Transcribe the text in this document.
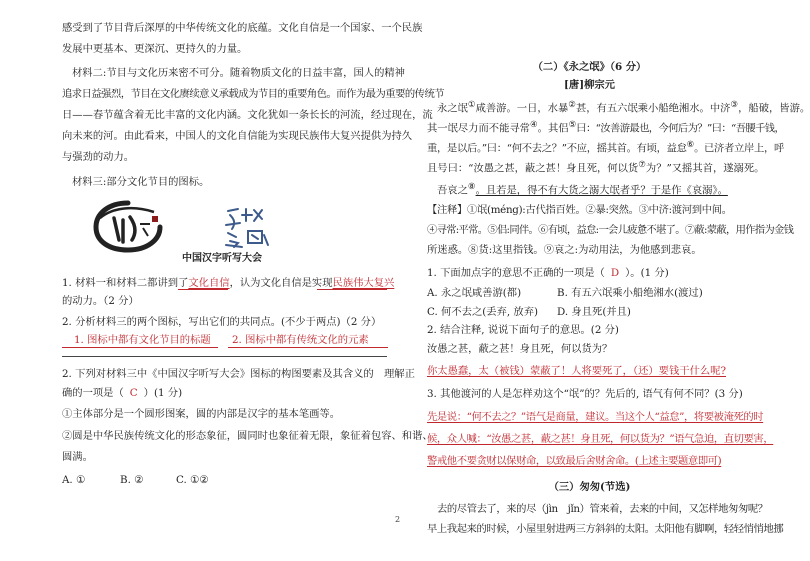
感受到了节目背后深厚的中华传统文化的底蕴。文化自信是一个国家、一个民族
发展中更基本、更深沉、更持久的力量。
材料二:节目与文化历来密不可分。随着物质文化的日益丰富，国人的精神
追求日益强烈，节目在文化赓续意义承载成为节目的重要角色。而作为最为重要的传统节
日——春节蕴含着无比丰富的文化内涵。文化犹如一条长长的河流，经过现在，流
向未来的河。由此看来，中国人的文化自信能为实现民族伟大复兴提供为持久
与强劲的动力。
材料三:部分文化节目的图标。
中国汉字听写大会
1. 材料一和材料二都讲到了文化自信，认为文化自信是实现民族伟大复兴
的动力。（2 分）
2. 分析材料三的两个图标，写出它们的共同点。(不少于两点)（2 分）
1. 图标中都有文化节目的标题 2. 图标中都有传统文化的元素
2. 下列对材料三中《中国汉字听写大会》图标的构图要素及其含义的　理解正
确的一项是（ C ）(1 分)
①主体部分是一个圆形图案，圆的内部是汉字的基本笔画等。
②圆是中华民族传统文化的形态象征，圆同时也象征着无限，象征着包容、和谐、
圆满。
A. ①	B. ②	C. ①②
（二）《永之氓》（6 分）
[唐]柳宗元
永之氓①咸善游。一日，水暴②甚，有五六氓乘小船绝湘水。中济③，船破，皆游。
其一氓尽力而不能寻常④。其侣⑤曰：“汝善游最也，今何后为？”曰：“吾腰千钱，
重，是以后。”曰：“何不去之？”不应，摇其首。有顷，益怠⑥。已济者立岸上，呼
且号曰：“汝愚之甚，蔽之甚！身且死，何以货⑦为？”又摇其首，遂溺死。
吾哀之⑧。且若是，得不有大货之溺大氓者乎？于是作《哀溺》。
【注释】①氓(méng):古代指百姓。②暴:突然。③中济:渡河到中间。
④寻常:平常。⑤侣:同伴。⑥有顷，益怠:一会儿疲惫不堪了。⑦蔽:蒙蔽，用作指为金钱
所迷惑。⑧货:这里指钱。⑨哀之:为动用法，为他感到悲哀。
1. 下面加点字的意思不正确的一项是（ D ）。(1 分)
A. 永之氓咸善游(都)	B. 有五六氓乘小船绝湘水(渡过)
C. 何不去之(丢弃, 放弃) D. 身且死(并且)
2. 结合注释, 说说下面句子的意思。(2 分)
汝愚之甚，蔽之甚！身且死，何以货为？
你太愚蠢，太（被钱）蒙蔽了！人将要死了，（还）要钱干什么呢?
3. 其他渡河的人是怎样劝这个“氓”的？先后的, 语气有何不同？(3 分)
先是说：“何不去之？”语气是商量，建议。当这个人“益怠”，将要被淹死的时
候，众人喊：“汝愚之甚，蔽之甚！身且死，何以货为？”语气急迫，直切要害，
警戒他不要贪财以保财命，以致最后舍财舍命。(上述主要题意即可)
（三）匆匆(节选)
去的尽管去了，来的尽（jìn　jǐn）管来着，去来的中间，又怎样地匆匆呢？
早上我起来的时候，小屋里射进两三方斜斜的太阳。太阳他有脚啊，轻轻悄悄地挪
2
